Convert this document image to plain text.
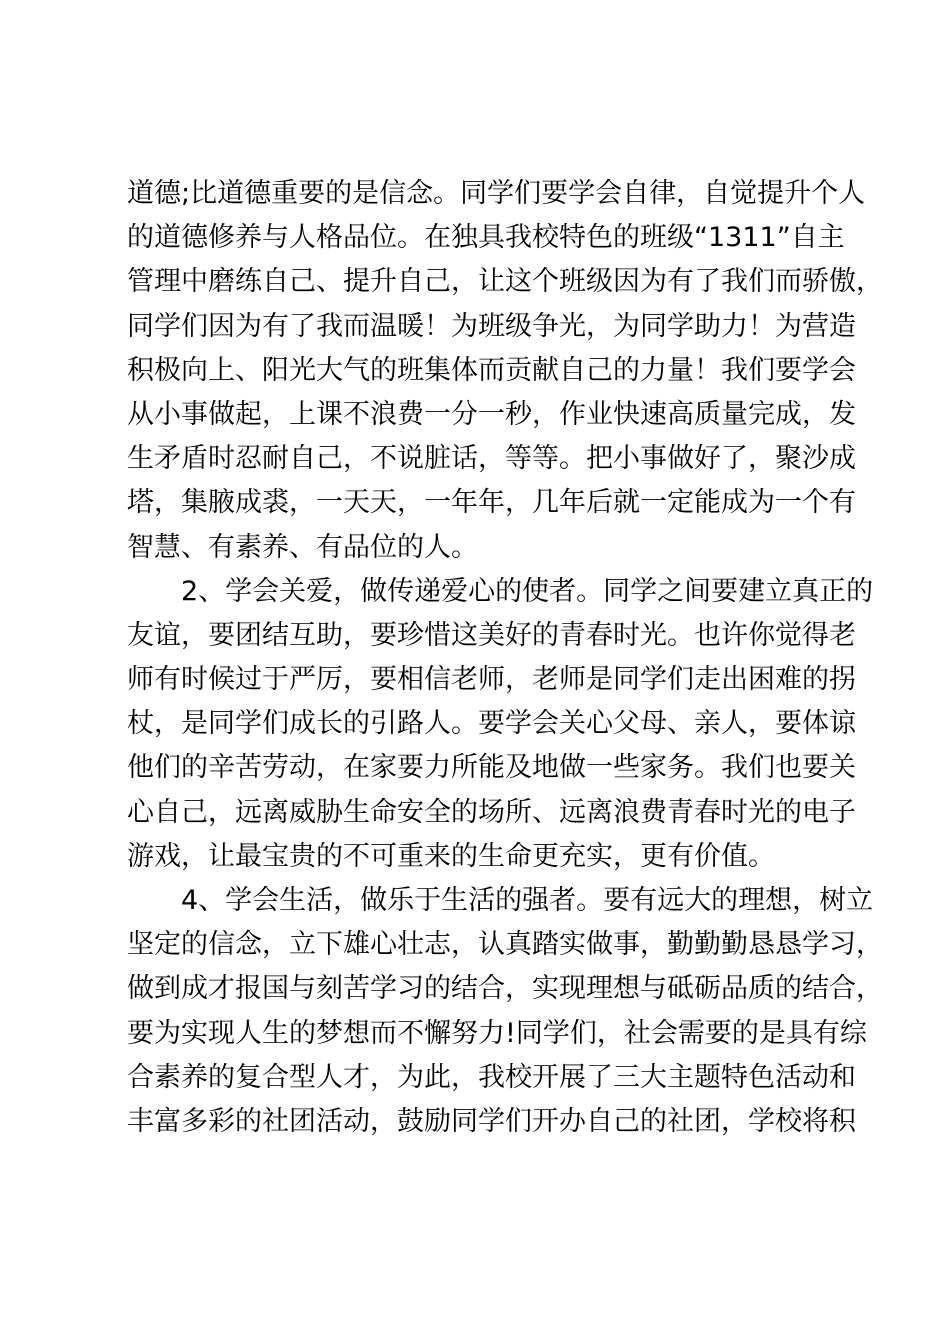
道德;比道德重要的是信念。同学们要学会自律，自觉提升个人
的道德修养与人格品位。在独具我校特色的班级“1311”自主
管理中磨练自己、提升自己，让这个班级因为有了我们而骄傲，
同学们因为有了我而温暖！为班级争光，为同学助力！为营造
积极向上、阳光大气的班集体而贡献自己的力量！我们要学会
从小事做起，上课不浪费一分一秒，作业快速高质量完成，发
生矛盾时忍耐自己，不说脏话，等等。把小事做好了，聚沙成
塔，集腋成裘，一天天，一年年，几年后就一定能成为一个有
智慧、有素养、有品位的人。
2、学会关爱，做传递爱心的使者。同学之间要建立真正的
友谊，要团结互助，要珍惜这美好的青春时光。也许你觉得老
师有时候过于严厉，要相信老师，老师是同学们走出困难的拐
杖，是同学们成长的引路人。要学会关心父母、亲人，要体谅
他们的辛苦劳动，在家要力所能及地做一些家务。我们也要关
心自己，远离威胁生命安全的场所、远离浪费青春时光的电子
游戏，让最宝贵的不可重来的生命更充实，更有价值。
4、学会生活，做乐于生活的强者。要有远大的理想，树立
坚定的信念，立下雄心壮志，认真踏实做事，勤勤勤恳恳学习，
做到成才报国与刻苦学习的结合，实现理想与砥砺品质的结合，
要为实现人生的梦想而不懈努力!同学们，社会需要的是具有综
合素养的复合型人才，为此，我校开展了三大主题特色活动和
丰富多彩的社团活动，鼓励同学们开办自己的社团，学校将积
